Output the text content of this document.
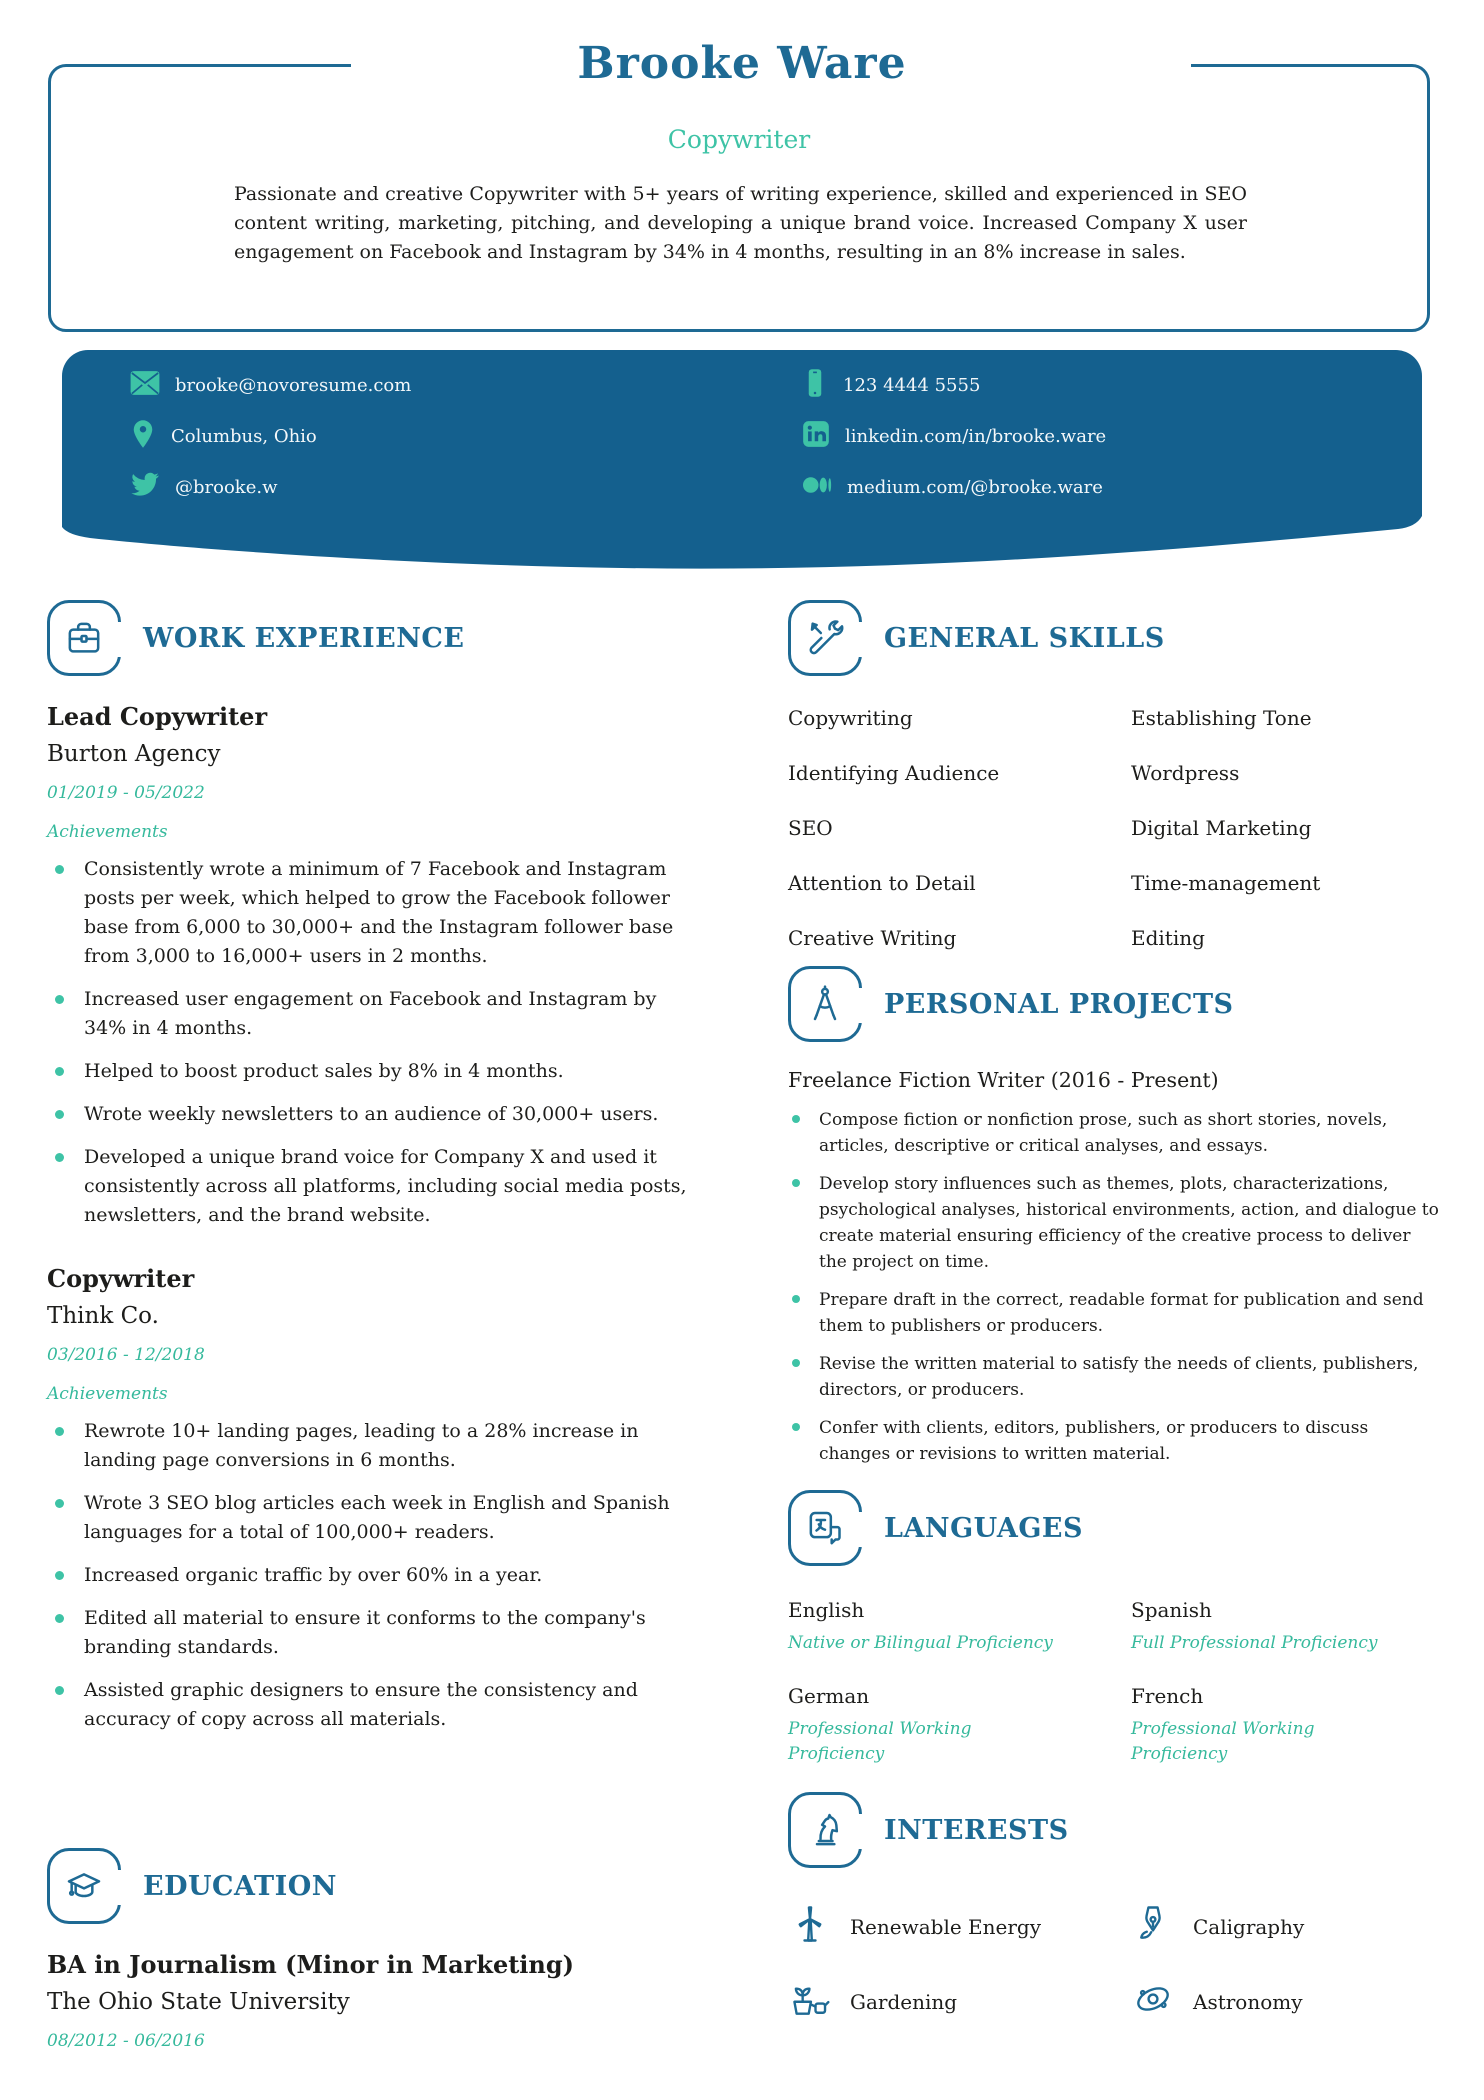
Copywriter

Passionate and creative Copywriter with 5+ years of writing experience, skilled and experienced in SEO content writing, marketing, pitching, and developing a unique brand voice. Increased Company X user engagement on Facebook and Instagram by 34% in 4 months, resulting in an 8% increase in sales.

Brooke Ware
brooke@novoresume.com	123 4444 5555
Columbus, Ohio	linkedin.com/in/brooke.ware
@brooke.w	medium.com/@brooke.ware
WORK EXPERIENCE
Lead Copywriter
Burton Agency
01/2019 - 05/2022
Achievements
Consistently wrote a minimum of 7 Facebook and Instagram posts per week, which helped to grow the Facebook follower base from 6,000 to 30,000+ and the Instagram follower base from 3,000 to 16,000+ users in 2 months.
Increased user engagement on Facebook and Instagram by 34% in 4 months.
Helped to boost product sales by 8% in 4 months.
Wrote weekly newsletters to an audience of 30,000+ users.
Developed a unique brand voice for Company X and used it consistently across all platforms, including social media posts, newsletters, and the brand website.
Copywriter
Think Co.
03/2016 - 12/2018
Achievements
Rewrote 10+ landing pages, leading to a 28% increase in landing page conversions in 6 months.
Wrote 3 SEO blog articles each week in English and Spanish languages for a total of 100,000+ readers.
Increased organic traffic by over 60% in a year.
Edited all material to ensure it conforms to the company's branding standards.
Assisted graphic designers to ensure the consistency and accuracy of copy across all materials.
EDUCATION
BA in Journalism (Minor in Marketing)
The Ohio State University
08/2012 - 06/2016
GENERAL SKILLS
Copywriting	Establishing Tone
Identifying Audience	Wordpress
SEO	Digital Marketing
Attention to Detail	Time-management
Creative Writing	Editing
PERSONAL PROJECTS
Freelance Fiction Writer (2016 - Present)
Compose fiction or nonfiction prose, such as short stories, novels, articles, descriptive or critical analyses, and essays.
Develop story influences such as themes, plots, characterizations, psychological analyses, historical environments, action, and dialogue to create material ensuring efficiency of the creative process to deliver the project on time.
Prepare draft in the correct, readable format for publication and send them to publishers or producers.
Revise the written material to satisfy the needs of clients, publishers, directors, or producers.
Confer with clients, editors, publishers, or producers to discuss changes or revisions to written material.
LANGUAGES
English
Native or Bilingual Proficiency
Spanish
Full Professional Proficiency
German
Professional Working Proficiency
French
Professional Working Proficiency
INTERESTS
Renewable Energy	Caligraphy
Gardening	Astronomy
